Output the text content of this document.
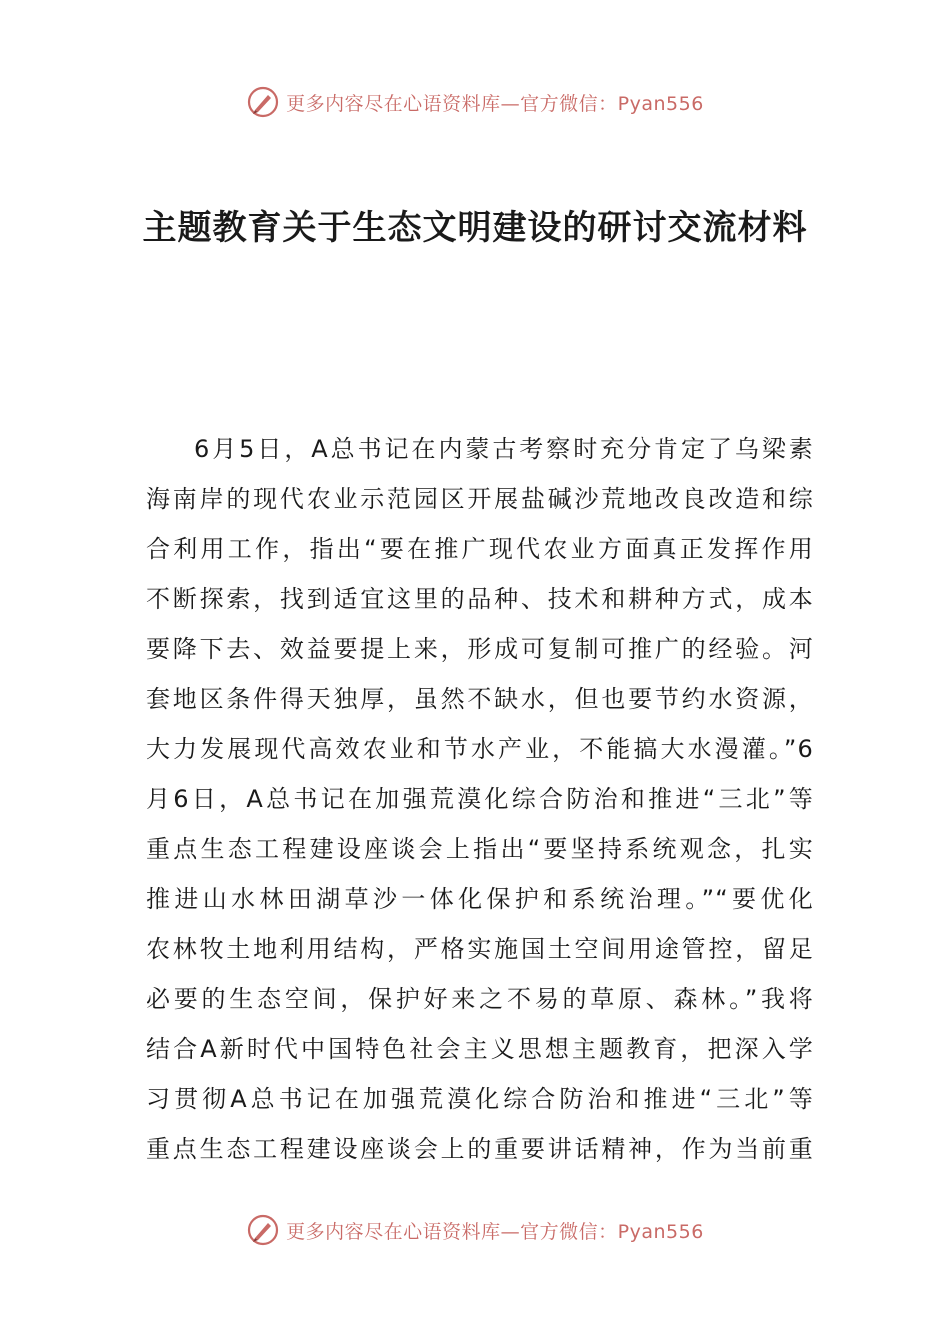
更多内容尽在心语资料库—官方微信：Pyan556
主题教育关于生态文明建设的研讨交流材料
6月5日，A总书记在内蒙古考察时充分肯定了乌梁素
海南岸的现代农业示范园区开展盐碱沙荒地改良改造和综
合利用工作，指出“要在推广现代农业方面真正发挥作用
不断探索，找到适宜这里的品种、技术和耕种方式，成本
要降下去、效益要提上来，形成可复制可推广的经验。河
套地区条件得天独厚，虽然不缺水，但也要节约水资源，
大力发展现代高效农业和节水产业，不能搞大水漫灌。”6
月6日，A总书记在加强荒漠化综合防治和推进“三北”等
重点生态工程建设座谈会上指出“要坚持系统观念，扎实
推进山水林田湖草沙一体化保护和系统治理。”“要优化
农林牧土地利用结构，严格实施国土空间用途管控，留足
必要的生态空间，保护好来之不易的草原、森林。”我将
结合A新时代中国特色社会主义思想主题教育，把深入学
习贯彻A总书记在加强荒漠化综合防治和推进“三北”等
重点生态工程建设座谈会上的重要讲话精神，作为当前重
更多内容尽在心语资料库—官方微信：Pyan556
